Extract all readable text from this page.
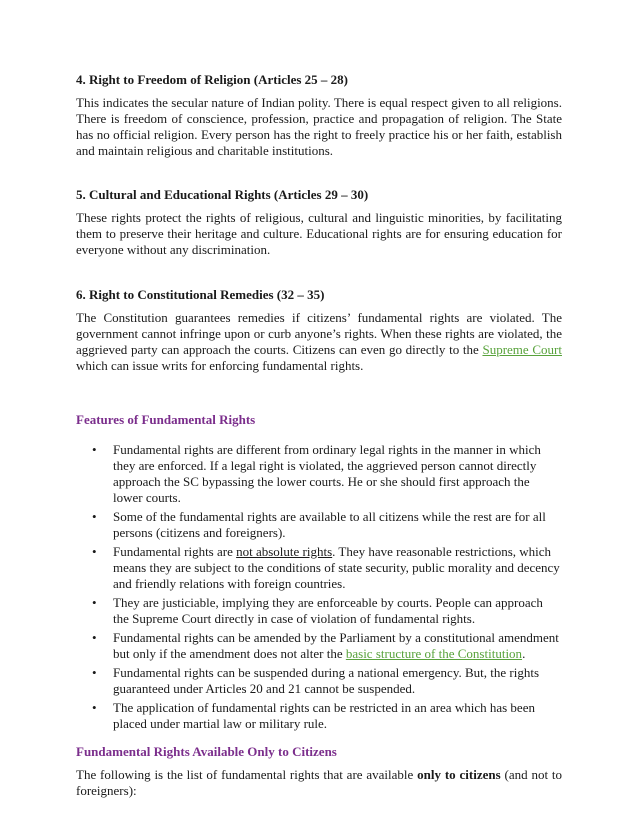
4. Right to Freedom of Religion (Articles 25 – 28)

This indicates the secular nature of Indian polity. There is equal respect given to all religions. There is freedom of conscience, profession, practice and propagation of religion. The State has no official religion. Every person has the right to freely practice his or her faith, establish and maintain religious and charitable institutions.

5. Cultural and Educational Rights (Articles 29 – 30)

These rights protect the rights of religious, cultural and linguistic minorities, by facilitating them to preserve their heritage and culture. Educational rights are for ensuring education for everyone without any discrimination.

6. Right to Constitutional Remedies (32 – 35)

The Constitution guarantees remedies if citizens’ fundamental rights are violated. The government cannot infringe upon or curb anyone’s rights. When these rights are violated, the aggrieved party can approach the courts. Citizens can even go directly to the Supreme Court which can issue writs for enforcing fundamental rights.

Features of Fundamental Rights
• Fundamental rights are different from ordinary legal rights in the manner in which they are enforced. If a legal right is violated, the aggrieved person cannot directly approach the SC bypassing the lower courts. He or she should first approach the lower courts.
• Some of the fundamental rights are available to all citizens while the rest are for all persons (citizens and foreigners).
• Fundamental rights are not absolute rights. They have reasonable restrictions, which means they are subject to the conditions of state security, public morality and decency and friendly relations with foreign countries.
• They are justiciable, implying they are enforceable by courts. People can approach the Supreme Court directly in case of violation of fundamental rights.
• Fundamental rights can be amended by the Parliament by a constitutional amendment but only if the amendment does not alter the basic structure of the Constitution.
• Fundamental rights can be suspended during a national emergency. But, the rights guaranteed under Articles 20 and 21 cannot be suspended.
• The application of fundamental rights can be restricted in an area which has been placed under martial law or military rule.
Fundamental Rights Available Only to Citizens

The following is the list of fundamental rights that are available only to citizens (and not to foreigners):
